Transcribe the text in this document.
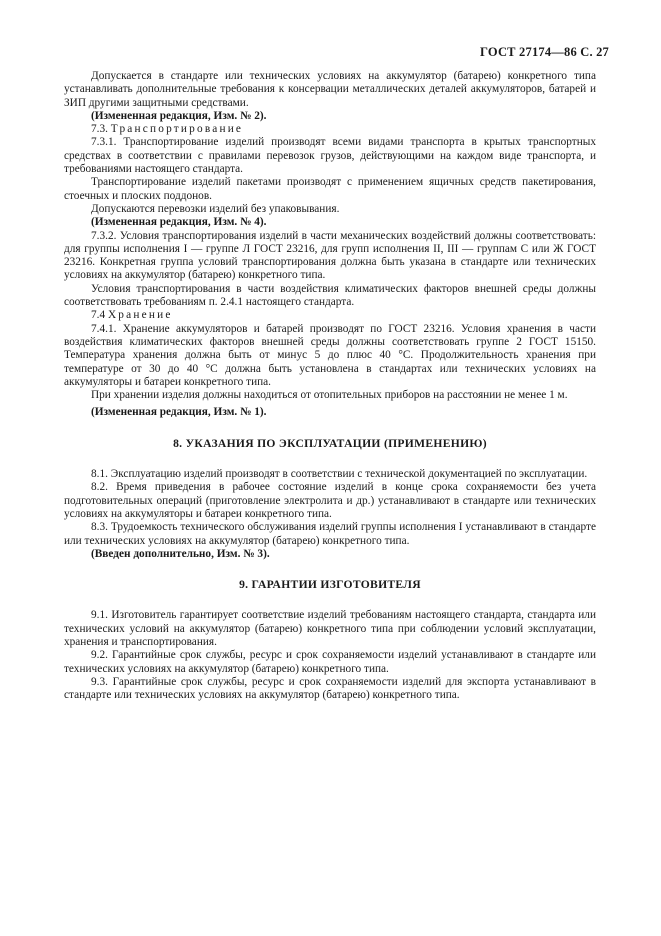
ГОСТ 27174—86 С. 27

Допускается в стандарте или технических условиях на аккумулятор (батарею) конкретного типа устанавливать дополнительные требования к консервации металлических деталей аккумуляторов, батарей и ЗИП другими защитными средствами.

(Измененная редакция, Изм. № 2).

7.3. Транспортирование

7.3.1. Транспортирование изделий производят всеми видами транспорта в крытых транспортных средствах в соответствии с правилами перевозок грузов, действующими на каждом виде транспорта, и требованиями настоящего стандарта.

Транспортирование изделий пакетами производят с применением ящичных средств пакетирования, стоечных и плоских поддонов.

Допускаются перевозки изделий без упаковывания.

(Измененная редакция, Изм. № 4).

7.3.2. Условия транспортирования изделий в части механических воздействий должны соответствовать: для группы исполнения I — группе Л ГОСТ 23216, для групп исполнения II, III — группам С или Ж ГОСТ 23216. Конкретная группа условий транспортирования должна быть указана в стандарте или технических условиях на аккумулятор (батарею) конкретного типа.

Условия транспортирования в части воздействия климатических факторов внешней среды должны соответствовать требованиям п. 2.4.1 настоящего стандарта.

7.4 Хранение

7.4.1. Хранение аккумуляторов и батарей производят по ГОСТ 23216. Условия хранения в части воздействия климатических факторов внешней среды должны соответствовать группе 2 ГОСТ 15150. Температура хранения должна быть от минус 5 до плюс 40 °С. Продолжительность хранения при температуре от 30 до 40 °С должна быть установлена в стандартах или технических условиях на аккумуляторы и батареи конкретного типа.

При хранении изделия должны находиться от отопительных приборов на расстоянии не менее 1 м.

(Измененная редакция, Изм. № 1).

8. УКАЗАНИЯ ПО ЭКСПЛУАТАЦИИ (ПРИМЕНЕНИЮ)

8.1. Эксплуатацию изделий производят в соответствии с технической документацией по эксплуатации.

8.2. Время приведения в рабочее состояние изделий в конце срока сохраняемости без учета подготовительных операций (приготовление электролита и др.) устанавливают в стандарте или технических условиях на аккумуляторы и батареи конкретного типа.

8.3. Трудоемкость технического обслуживания изделий группы исполнения I устанавливают в стандарте или технических условиях на аккумулятор (батарею) конкретного типа.

(Введен дополнительно, Изм. № 3).

9. ГАРАНТИИ ИЗГОТОВИТЕЛЯ

9.1. Изготовитель гарантирует соответствие изделий требованиям настоящего стандарта, стандарта или технических условий на аккумулятор (батарею) конкретного типа при соблюдении условий эксплуатации, хранения и транспортирования.

9.2. Гарантийные срок службы, ресурс и срок сохраняемости изделий устанавливают в стандарте или технических условиях на аккумулятор (батарею) конкретного типа.

9.3. Гарантийные срок службы, ресурс и срок сохраняемости изделий для экспорта устанавливают в стандарте или технических условиях на аккумулятор (батарею) конкретного типа.
